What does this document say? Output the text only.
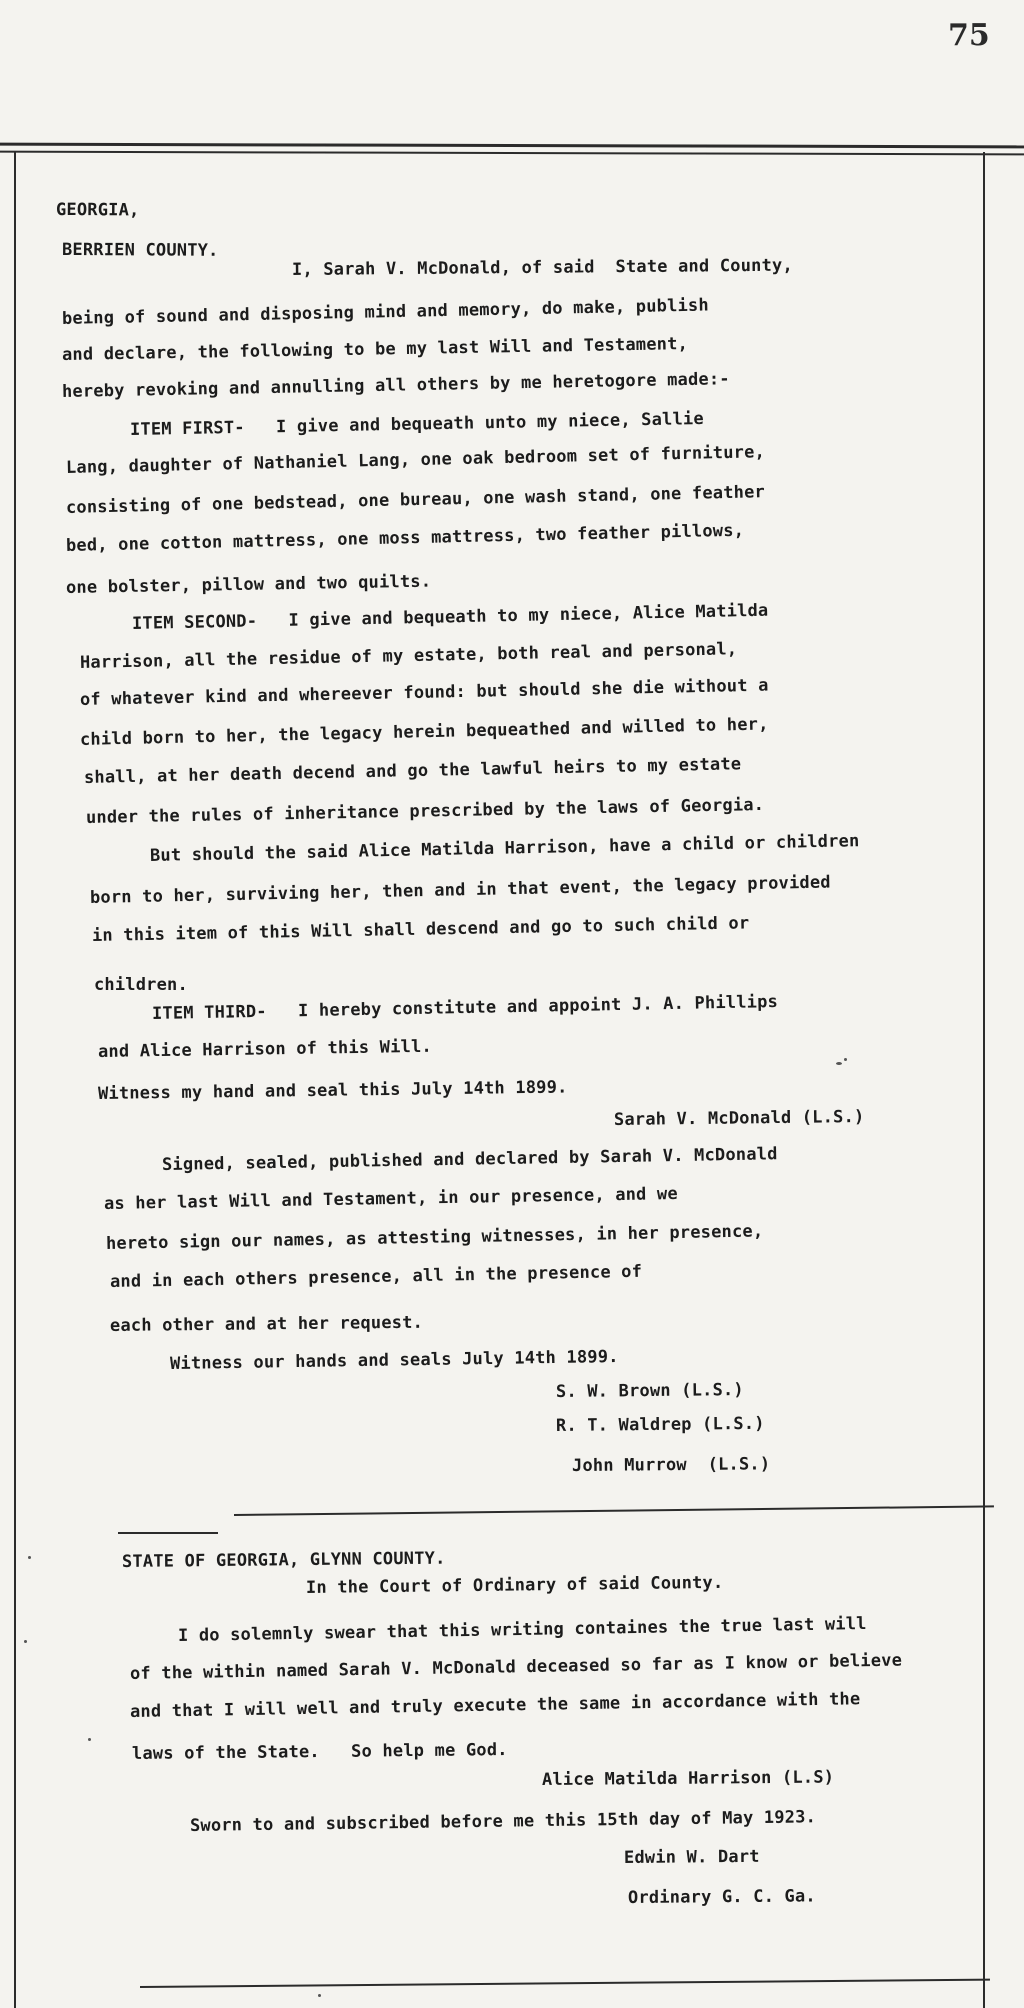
75
GEORGIA,
BERRIEN COUNTY.
I, Sarah V. McDonald, of said  State and County,
being of sound and disposing mind and memory, do make, publish
and declare, the following to be my last Will and Testament,
hereby revoking and annulling all others by me heretogore made:-
ITEM FIRST-   I give and bequeath unto my niece, Sallie
Lang, daughter of Nathaniel Lang, one oak bedroom set of furniture,
consisting of one bedstead, one bureau, one wash stand, one feather
bed, one cotton mattress, one moss mattress, two feather pillows,
one bolster, pillow and two quilts.
ITEM SECOND-   I give and bequeath to my niece, Alice Matilda
Harrison, all the residue of my estate, both real and personal,
of whatever kind and whereever found: but should she die without a
child born to her, the legacy herein bequeathed and willed to her,
shall, at her death decend and go the lawful heirs to my estate
under the rules of inheritance prescribed by the laws of Georgia.
But should the said Alice Matilda Harrison, have a child or children
born to her, surviving her, then and in that event, the legacy provided
in this item of this Will shall descend and go to such child or
children.
ITEM THIRD-   I hereby constitute and appoint J. A. Phillips
and Alice Harrison of this Will.
Witness my hand and seal this July 14th 1899.
Sarah V. McDonald (L.S.)
Signed, sealed, published and declared by Sarah V. McDonald
as her last Will and Testament, in our presence, and we
hereto sign our names, as attesting witnesses, in her presence,
and in each others presence, all in the presence of
each other and at her request.
Witness our hands and seals July 14th 1899.
S. W. Brown (L.S.)
R. T. Waldrep (L.S.)
John Murrow  (L.S.)
STATE OF GEORGIA, GLYNN COUNTY.
In the Court of Ordinary of said County.
I do solemnly swear that this writing containes the true last will
of the within named Sarah V. McDonald deceased so far as I know or believe
and that I will well and truly execute the same in accordance with the
laws of the State.   So help me God.
Alice Matilda Harrison (L.S)
Sworn to and subscribed before me this 15th day of May 1923.
Edwin W. Dart
Ordinary G. C. Ga.
